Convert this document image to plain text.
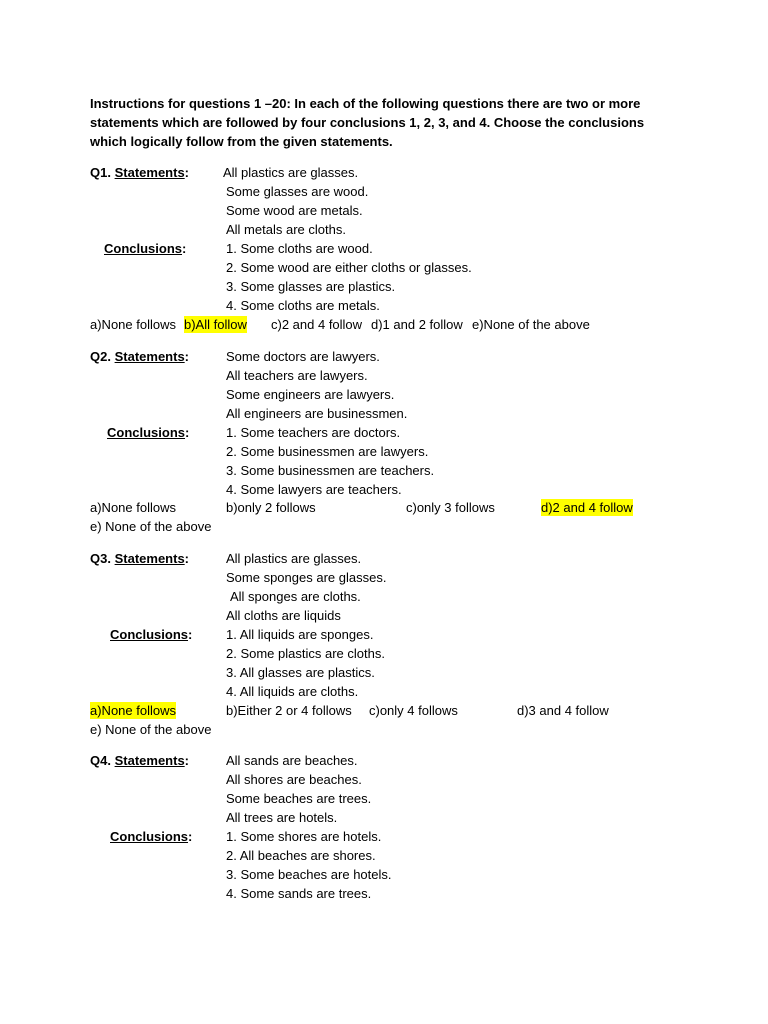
Instructions for questions 1 –20: In each of the following questions there are two or more statements which are followed by four conclusions 1, 2, 3, and 4. Choose the conclusions which logically follow from the given statements.
Q1. Statements:	All plastics are glasses.
Some glasses are wood.
Some wood are metals.
All metals are cloths.
Conclusions:	1. Some cloths are wood.
2. Some wood are either cloths or glasses.
3. Some glasses are plastics.
4. Some cloths are metals.
a)None follows b)All follow c)2 and 4 follow d)1 and 2 follow e)None of the above
Q2. Statements:	Some doctors are lawyers.
All teachers are lawyers.
Some engineers are lawyers.
All engineers are businessmen.
Conclusions:	1. Some teachers are doctors.
2. Some businessmen are lawyers.
3. Some businessmen are teachers.
4. Some lawyers are teachers.
a)None follows	b)only 2 follows	c)only 3 follows	d)2 and 4 follow
e) None of the above
Q3. Statements:	All plastics are glasses.
Some sponges are glasses.
All sponges are cloths.
All cloths are liquids
Conclusions:	1. All liquids are sponges.
2. Some plastics are cloths.
3. All glasses are plastics.
4. All liquids are cloths.
a)None follows	b)Either 2 or 4 follows c)only 4 follows	d)3 and 4 follow
e) None of the above
Q4. Statements:	All sands are beaches.
All shores are beaches.
Some beaches are trees.
All trees are hotels.
Conclusions:	1. Some shores are hotels.
2. All beaches are shores.
3. Some beaches are hotels.
4. Some sands are trees.
